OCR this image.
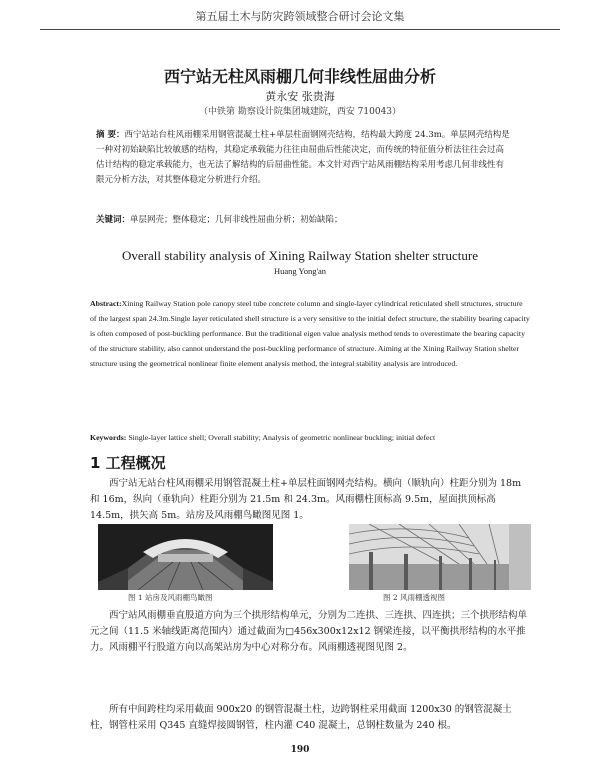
第五届土木与防灾跨领域整合研讨会论文集
西宁站无柱风雨棚几何非线性屈曲分析
黄永安 张贵海
（中铁第 勘察设计院集团城建院，西安 710043）
摘 要：西宁站站台柱风雨棚采用钢管混凝土柱+单层柱面钢网壳结构，结构最大跨度 24.3m。单层网壳结构是一种对初始缺陷比较敏感的结构，其稳定承载能力往往由屈曲后性能决定，而传统的特征值分析法往往会过高估计结构的稳定承载能力，也无法了解结构的后屈曲性能。本文针对西宁站风雨棚结构采用考虑几何非线性有限元分析方法，对其整体稳定分析进行介绍。
关键词：单层网壳；整体稳定；几何非线性屈曲分析；初始缺陷；
Overall stability analysis of Xining Railway Station shelter structure
Huang Yong'an
Abstract:Xining Railway Station pole canopy steel tube concrete column and single-layer cylindrical reticulated shell structures, structure of the largest span 24.3m.Single layer reticulated shell structure is a very sensitive to the initial defect structure, the stability bearing capacity is often composed of post-buckling performance. But the traditional eigen value analysis method tends to overestimate the bearing capacity of the structure stability, also cannot understand the post-buckling performance of structure. Aiming at the Xining Railway Station shelter structure using the geometrical nonlinear finite element analysis method, the integral stability analysis are introduced.
Keywords: Single-layer lattice shell; Overall stability; Analysis of geometric nonlinear buckling; initial defect
1 工程概况
西宁站无站台柱风雨棚采用钢管混凝土柱+单层柱面钢网壳结构。横向（顺轨向）柱距分别为 18m 和 16m，纵向（垂轨向）柱距分别为 21.5m 和 24.3m。风雨棚柱顶标高 9.5m，屋面拱顶标高 14.5m，拱矢高 5m。站房及风雨棚鸟瞰图见图 1。
图 1 站房及风雨棚鸟瞰图	图 2 风雨棚透视图
西宁站风雨棚垂直股道方向为三个拱形结构单元，分别为二连拱、三连拱、四连拱；三个拱形结构单元之间（11.5 米轴线距离范围内）通过截面为□456x300x12x12 钢梁连接，以平衡拱形结构的水平推力。风雨棚平行股道方向以高架站房为中心对称分布。风雨棚透视图见图 2。
所有中间跨柱均采用截面 900x20 的钢管混凝土柱，边跨钢柱采用截面 1200x30 的钢管混凝土柱，钢管柱采用 Q345 直缝焊接圆钢管，柱内灌 C40 混凝土，总钢柱数量为 240 根。
190
